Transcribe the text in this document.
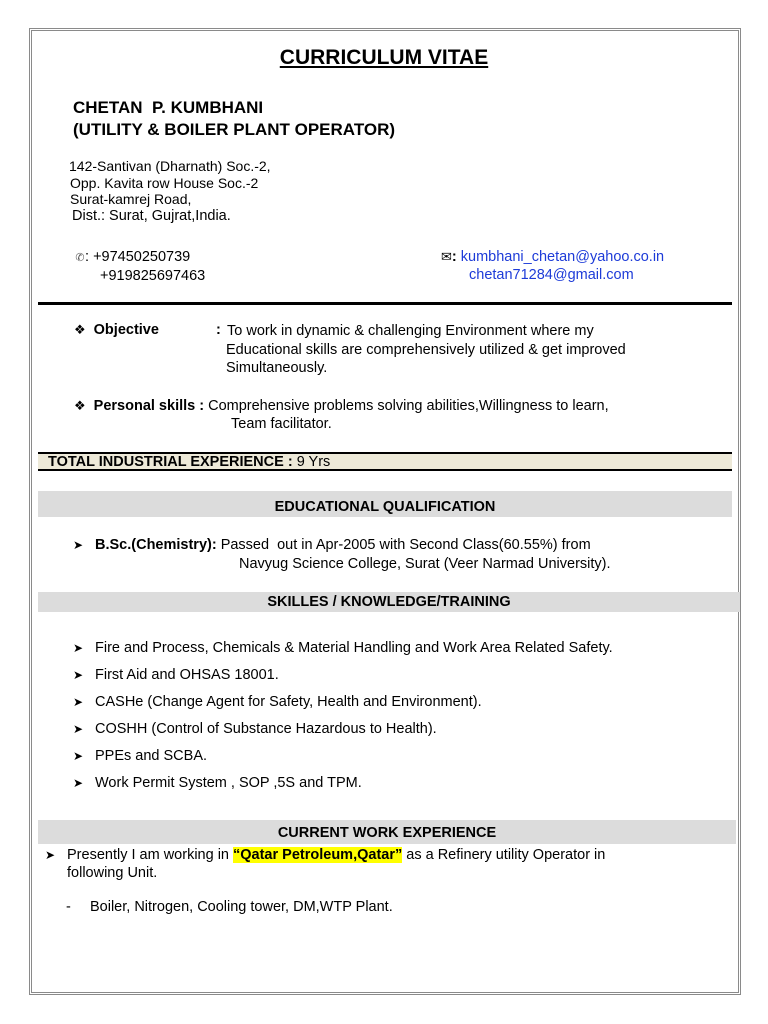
CURRICULUM VITAE
CHETAN  P. KUMBHANI
(UTILITY & BOILER PLANT OPERATOR)
142-Santivan (Dharnath) Soc.-2,
Opp. Kavita row House Soc.-2
Surat-kamrej Road,
Dist.: Surat, Gujrat,India.
✆: +97450250739
+919825697463
✉: kumbhani_chetan@yahoo.co.in
chetan71284@gmail.com
❖ Objective	: To work in dynamic & challenging Environment where my
Educational skills are comprehensively utilized & get improved
Simultaneously.
❖ Personal skills : Comprehensive problems solving abilities,Willingness to learn,
Team facilitator.
TOTAL INDUSTRIAL EXPERIENCE : 9 Yrs
EDUCATIONAL QUALIFICATION
➤ B.Sc.(Chemistry): Passed  out in Apr-2005 with Second Class(60.55%) from
Navyug Science College, Surat (Veer Narmad University).
SKILLES / KNOWLEDGE/TRAINING
➤ Fire and Process, Chemicals & Material Handling and Work Area Related Safety.
➤ First Aid and OHSAS 18001.
➤ CASHe (Change Agent for Safety, Health and Environment).
➤ COSHH (Control of Substance Hazardous to Health).
➤ PPEs and SCBA.
➤ Work Permit System , SOP ,5S and TPM.
CURRENT WORK EXPERIENCE
➤ Presently I am working in “Qatar Petroleum,Qatar” as a Refinery utility Operator in
following Unit.
- Boiler, Nitrogen, Cooling tower, DM,WTP Plant.
